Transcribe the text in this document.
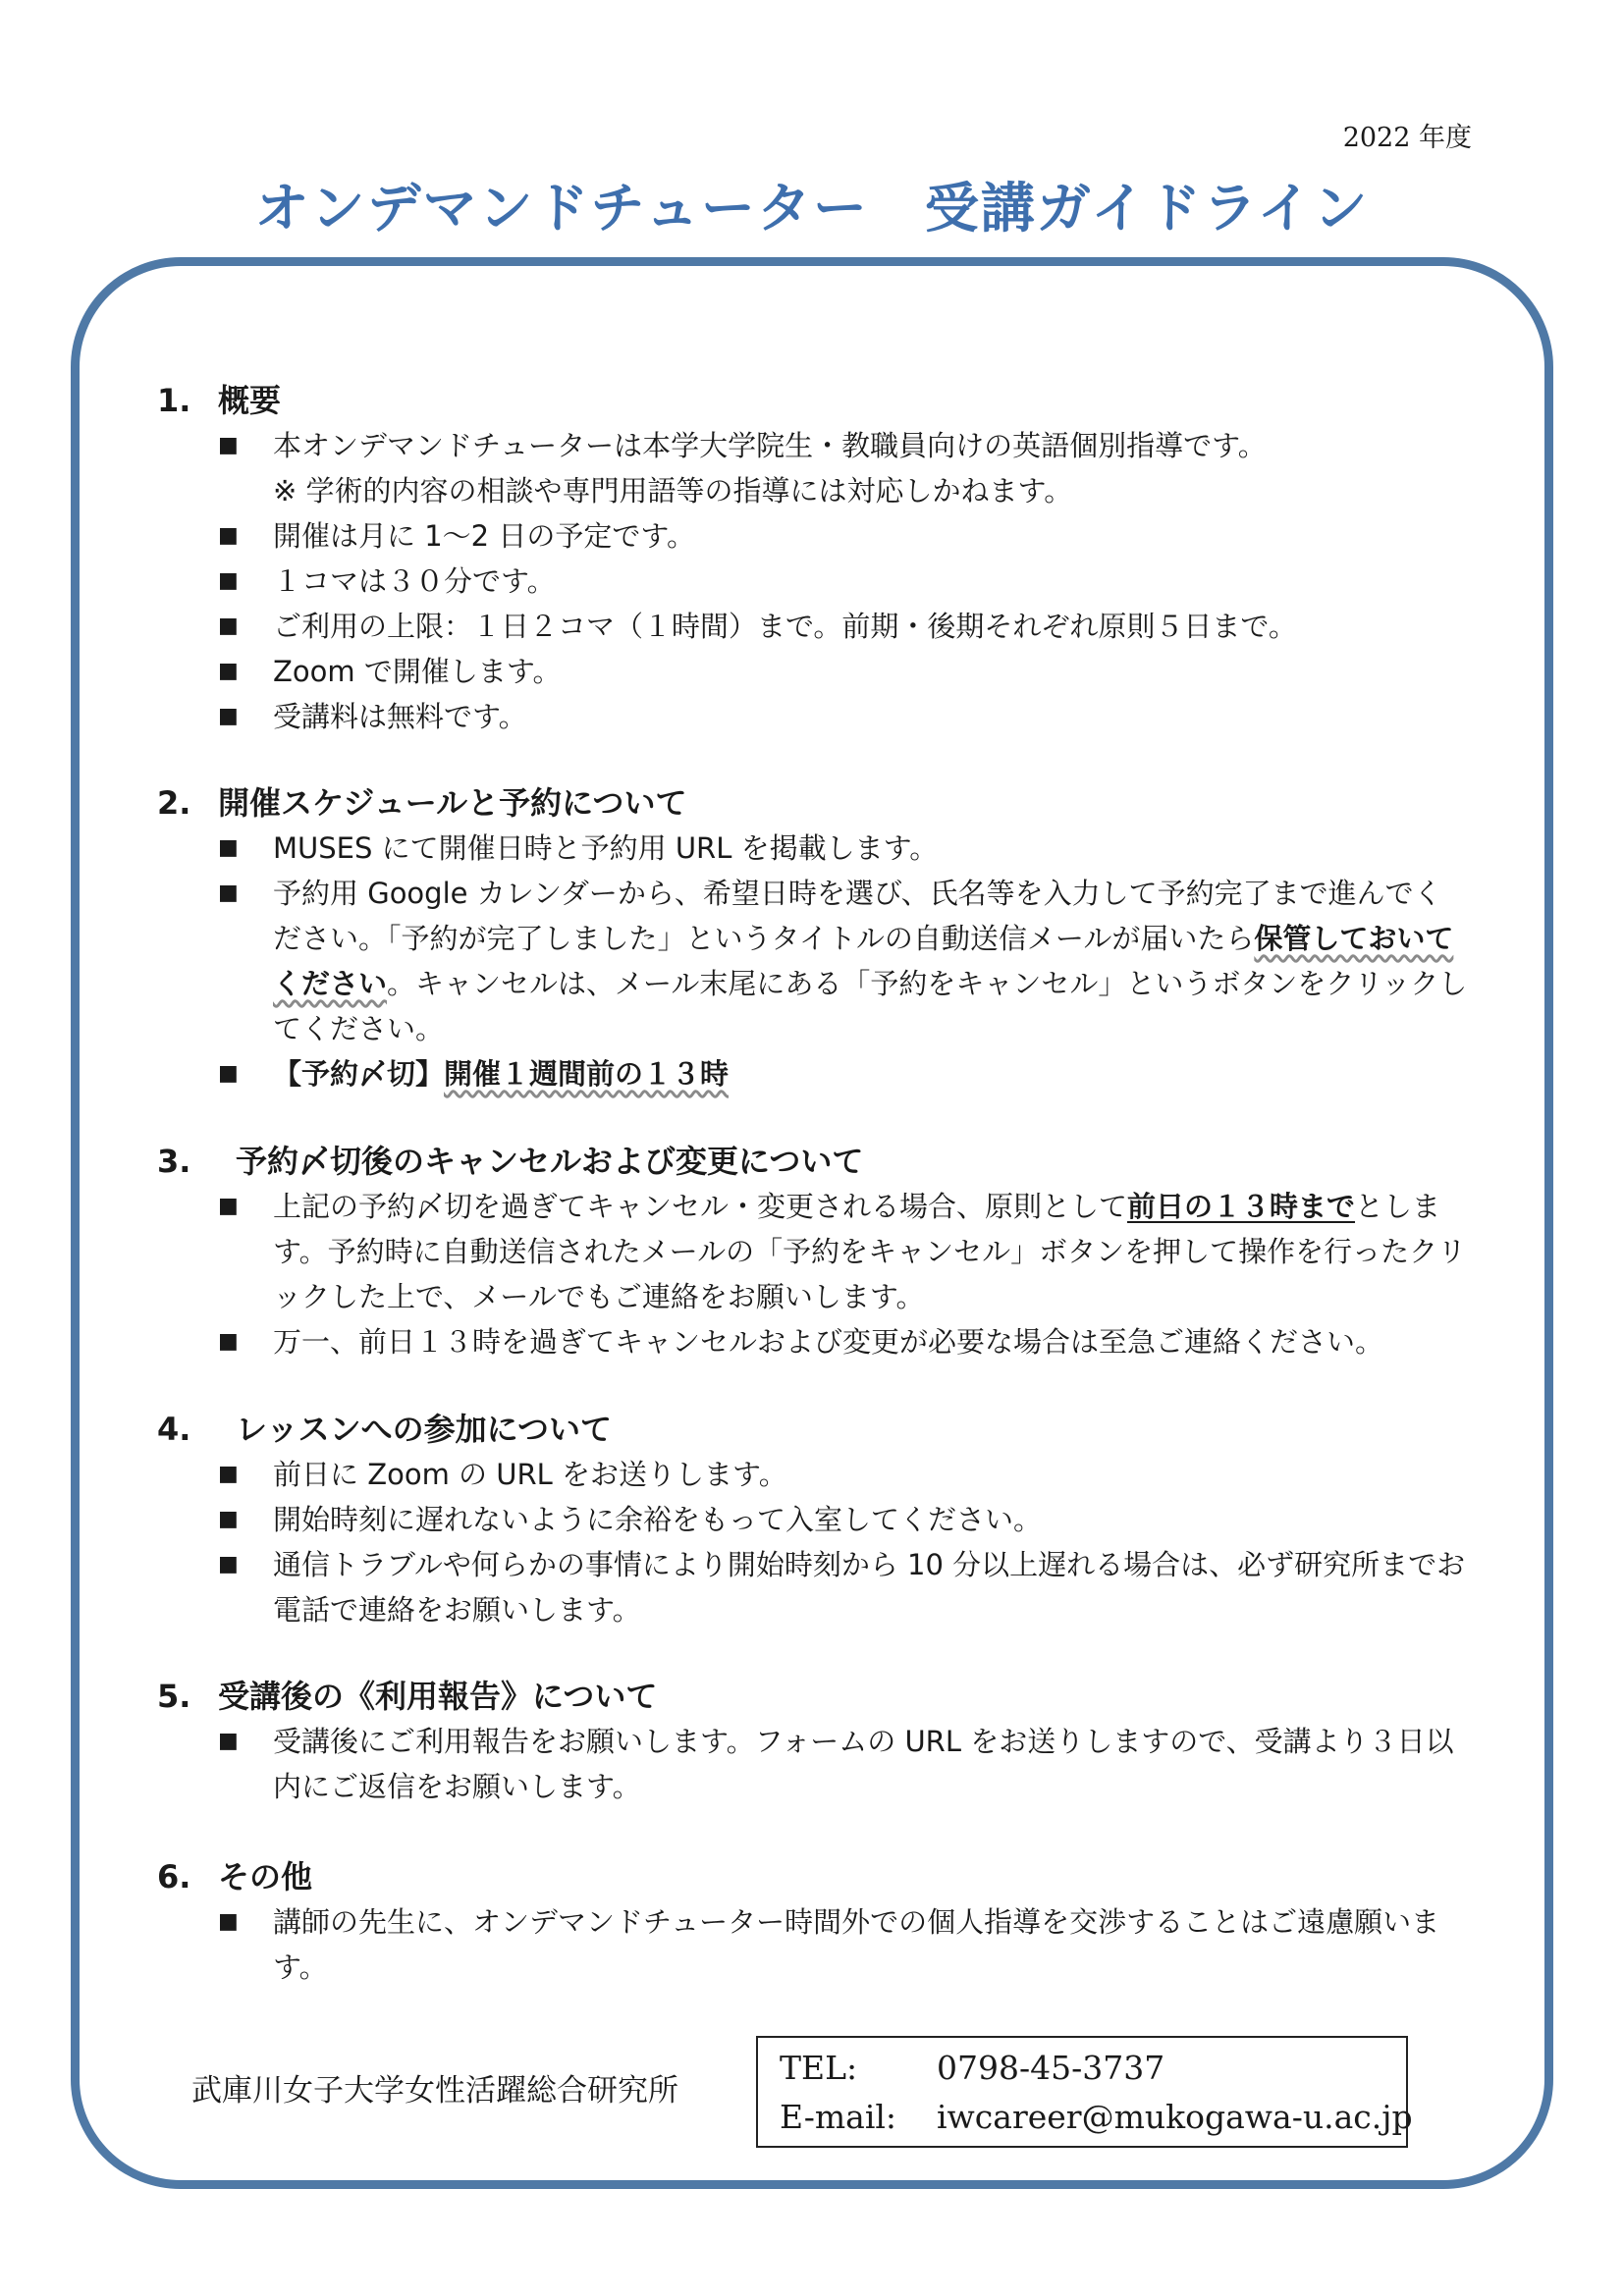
2022 年度
オンデマンドチューター　受講ガイドライン
1. 概要
■ 本オンデマンドチューターは本学大学院生・教職員向けの英語個別指導です。
※ 学術的内容の相談や専門用語等の指導には対応しかねます。
■ 開催は月に 1～2 日の予定です。
■ １コマは３０分です。
■ ご利用の上限：１日２コマ（１時間）まで。前期・後期それぞれ原則５日まで。
■ Zoom で開催します。
■ 受講料は無料です。
2. 開催スケジュールと予約について
■ MUSES にて開催日時と予約用 URL を掲載します。
■ 予約用 Google カレンダーから、希望日時を選び、氏名等を入力して予約完了まで進んでください。「予約が完了しました」というタイトルの自動送信メールが届いたら保管しておいてください。キャンセルは、メール末尾にある「予約をキャンセル」というボタンをクリックしてください。
■ 【予約〆切】開催１週間前の１３時
3. 予約〆切後のキャンセルおよび変更について
■ 上記の予約〆切を過ぎてキャンセル・変更される場合、原則として前日の１３時までとします。予約時に自動送信されたメールの「予約をキャンセル」ボタンを押して操作を行ったクリックした上で、メールでもご連絡をお願いします。
■ 万一、前日１３時を過ぎてキャンセルおよび変更が必要な場合は至急ご連絡ください。
4. レッスンへの参加について
■ 前日に Zoom の URL をお送りします。
■ 開始時刻に遅れないように余裕をもって入室してください。
■ 通信トラブルや何らかの事情により開始時刻から 10 分以上遅れる場合は、必ず研究所までお電話で連絡をお願いします。
5. 受講後の《利用報告》について
■ 受講後にご利用報告をお願いします。フォームの URL をお送りしますので、受講より３日以内にご返信をお願いします。
6. その他
■ 講師の先生に、オンデマンドチューター時間外での個人指導を交渉することはご遠慮願います。
武庫川女子大学女性活躍総合研究所
TEL: 0798-45-3737
E-mail: iwcareer@mukogawa-u.ac.jp
